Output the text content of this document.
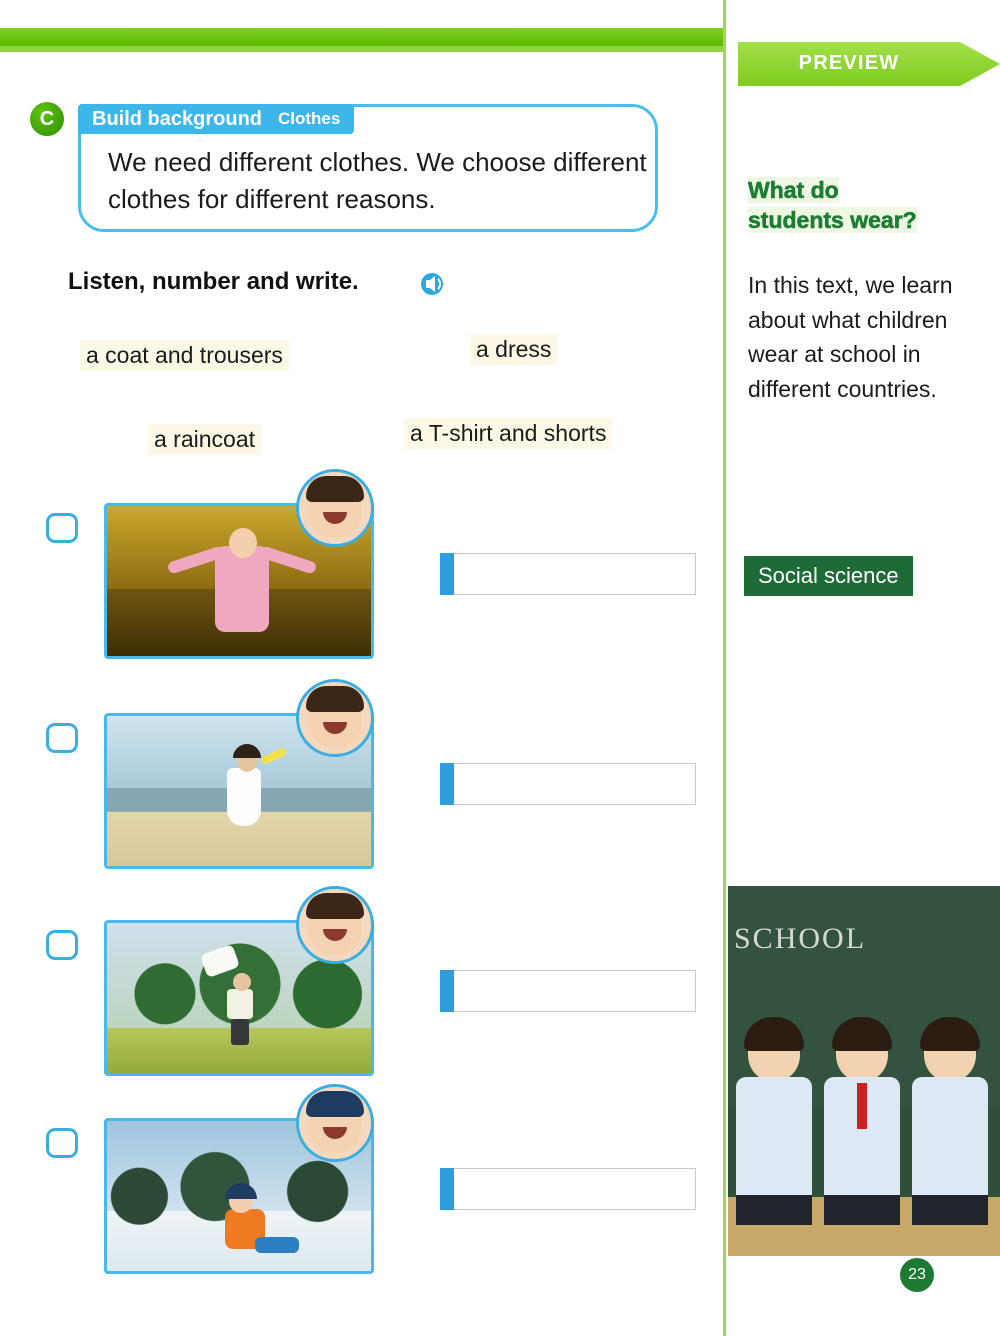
PREVIEW
C	Build background Clothes
We need different clothes. We choose different clothes for different reasons.
Listen, number and write.
a coat and trousers	a dress
a raincoat	a T-shirt and shorts
What do
students wear?
In this text, we learn about what children wear at school in different countries.
Social science
SCHOOL
23
